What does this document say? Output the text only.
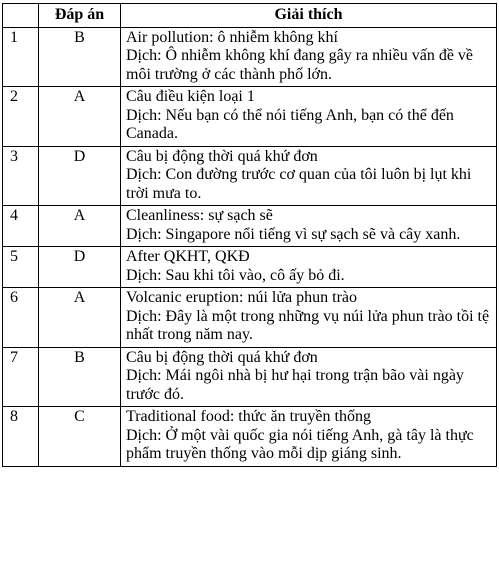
	Đáp án	Giải thích
1	B	Air pollution: ô nhiễm không khí
Dịch: Ô nhiễm không khí đang gây ra nhiều vấn đề về môi trường ở các thành phố lớn.

2	A	Câu điều kiện loại 1
Dịch: Nếu bạn có thể nói tiếng Anh, bạn có thể đến Canada.

3	D	Câu bị động thời quá khứ đơn
Dịch: Con đường trước cơ quan của tôi luôn bị lụt khi trời mưa to.

4	A	Cleanliness: sự sạch sẽ
Dịch: Singapore nổi tiếng vì sự sạch sẽ và cây xanh.

5	D	After QKHT, QKĐ
Dịch: Sau khi tôi vào, cô ấy bỏ đi.

6	A	Volcanic eruption: núi lửa phun trào
Dịch: Đây là một trong những vụ núi lửa phun trào tồi tệ nhất trong năm nay.

7	B	Câu bị động thời quá khứ đơn
Dịch: Mái ngôi nhà bị hư hại trong trận bão vài ngày trước đó.

8	C	Traditional food: thức ăn truyền thống
Dịch: Ở một vài quốc gia nói tiếng Anh, gà tây là thực phẩm truyền thống vào mỗi dịp giáng sinh.
